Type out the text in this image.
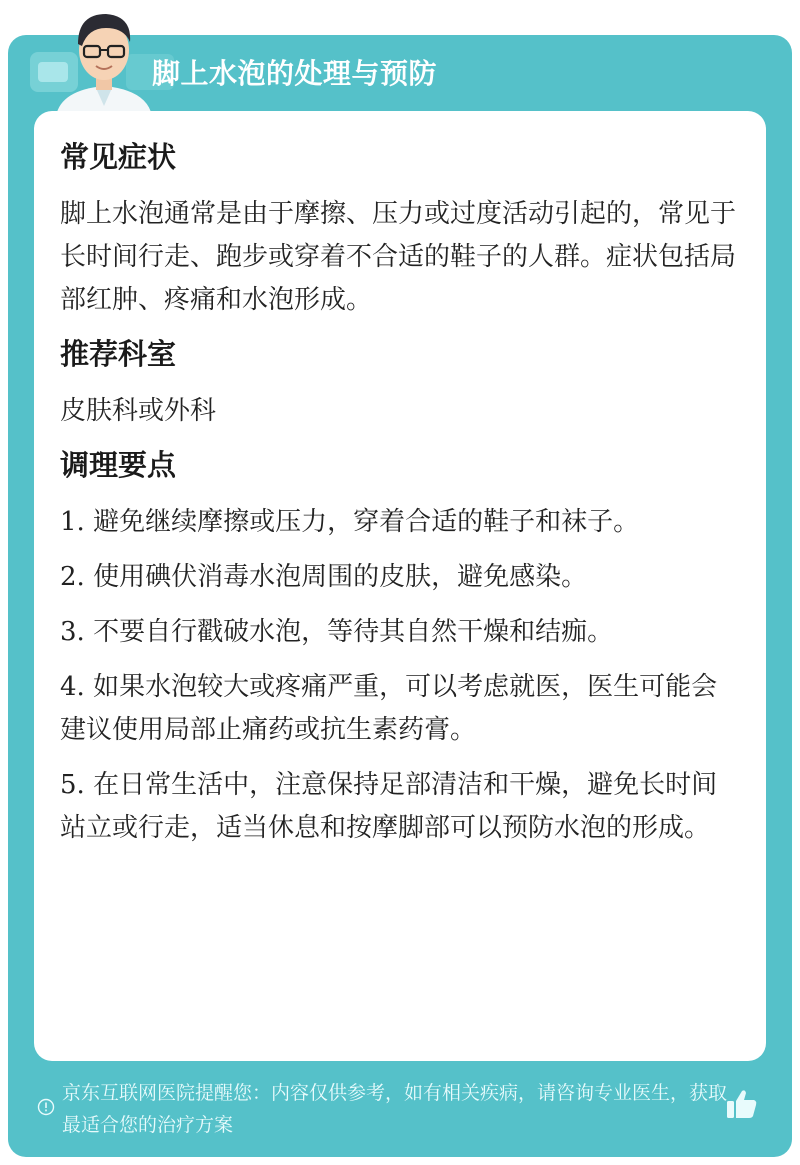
脚上水泡的处理与预防
常见症状

脚上水泡通常是由于摩擦、压力或过度活动引起的，常见于长时间行走、跑步或穿着不合适的鞋子的人群。症状包括局部红肿、疼痛和水泡形成。

推荐科室

皮肤科或外科

调理要点

1. 避免继续摩擦或压力，穿着合适的鞋子和袜子。

2. 使用碘伏消毒水泡周围的皮肤，避免感染。

3. 不要自行戳破水泡，等待其自然干燥和结痂。

4. 如果水泡较大或疼痛严重，可以考虑就医，医生可能会建议使用局部止痛药或抗生素药膏。

5. 在日常生活中，注意保持足部清洁和干燥，避免长时间站立或行走，适当休息和按摩脚部可以预防水泡的形成。

京东互联网医院提醒您：内容仅供参考，如有相关疾病，请咨询专业医生，获取最适合您的治疗方案
